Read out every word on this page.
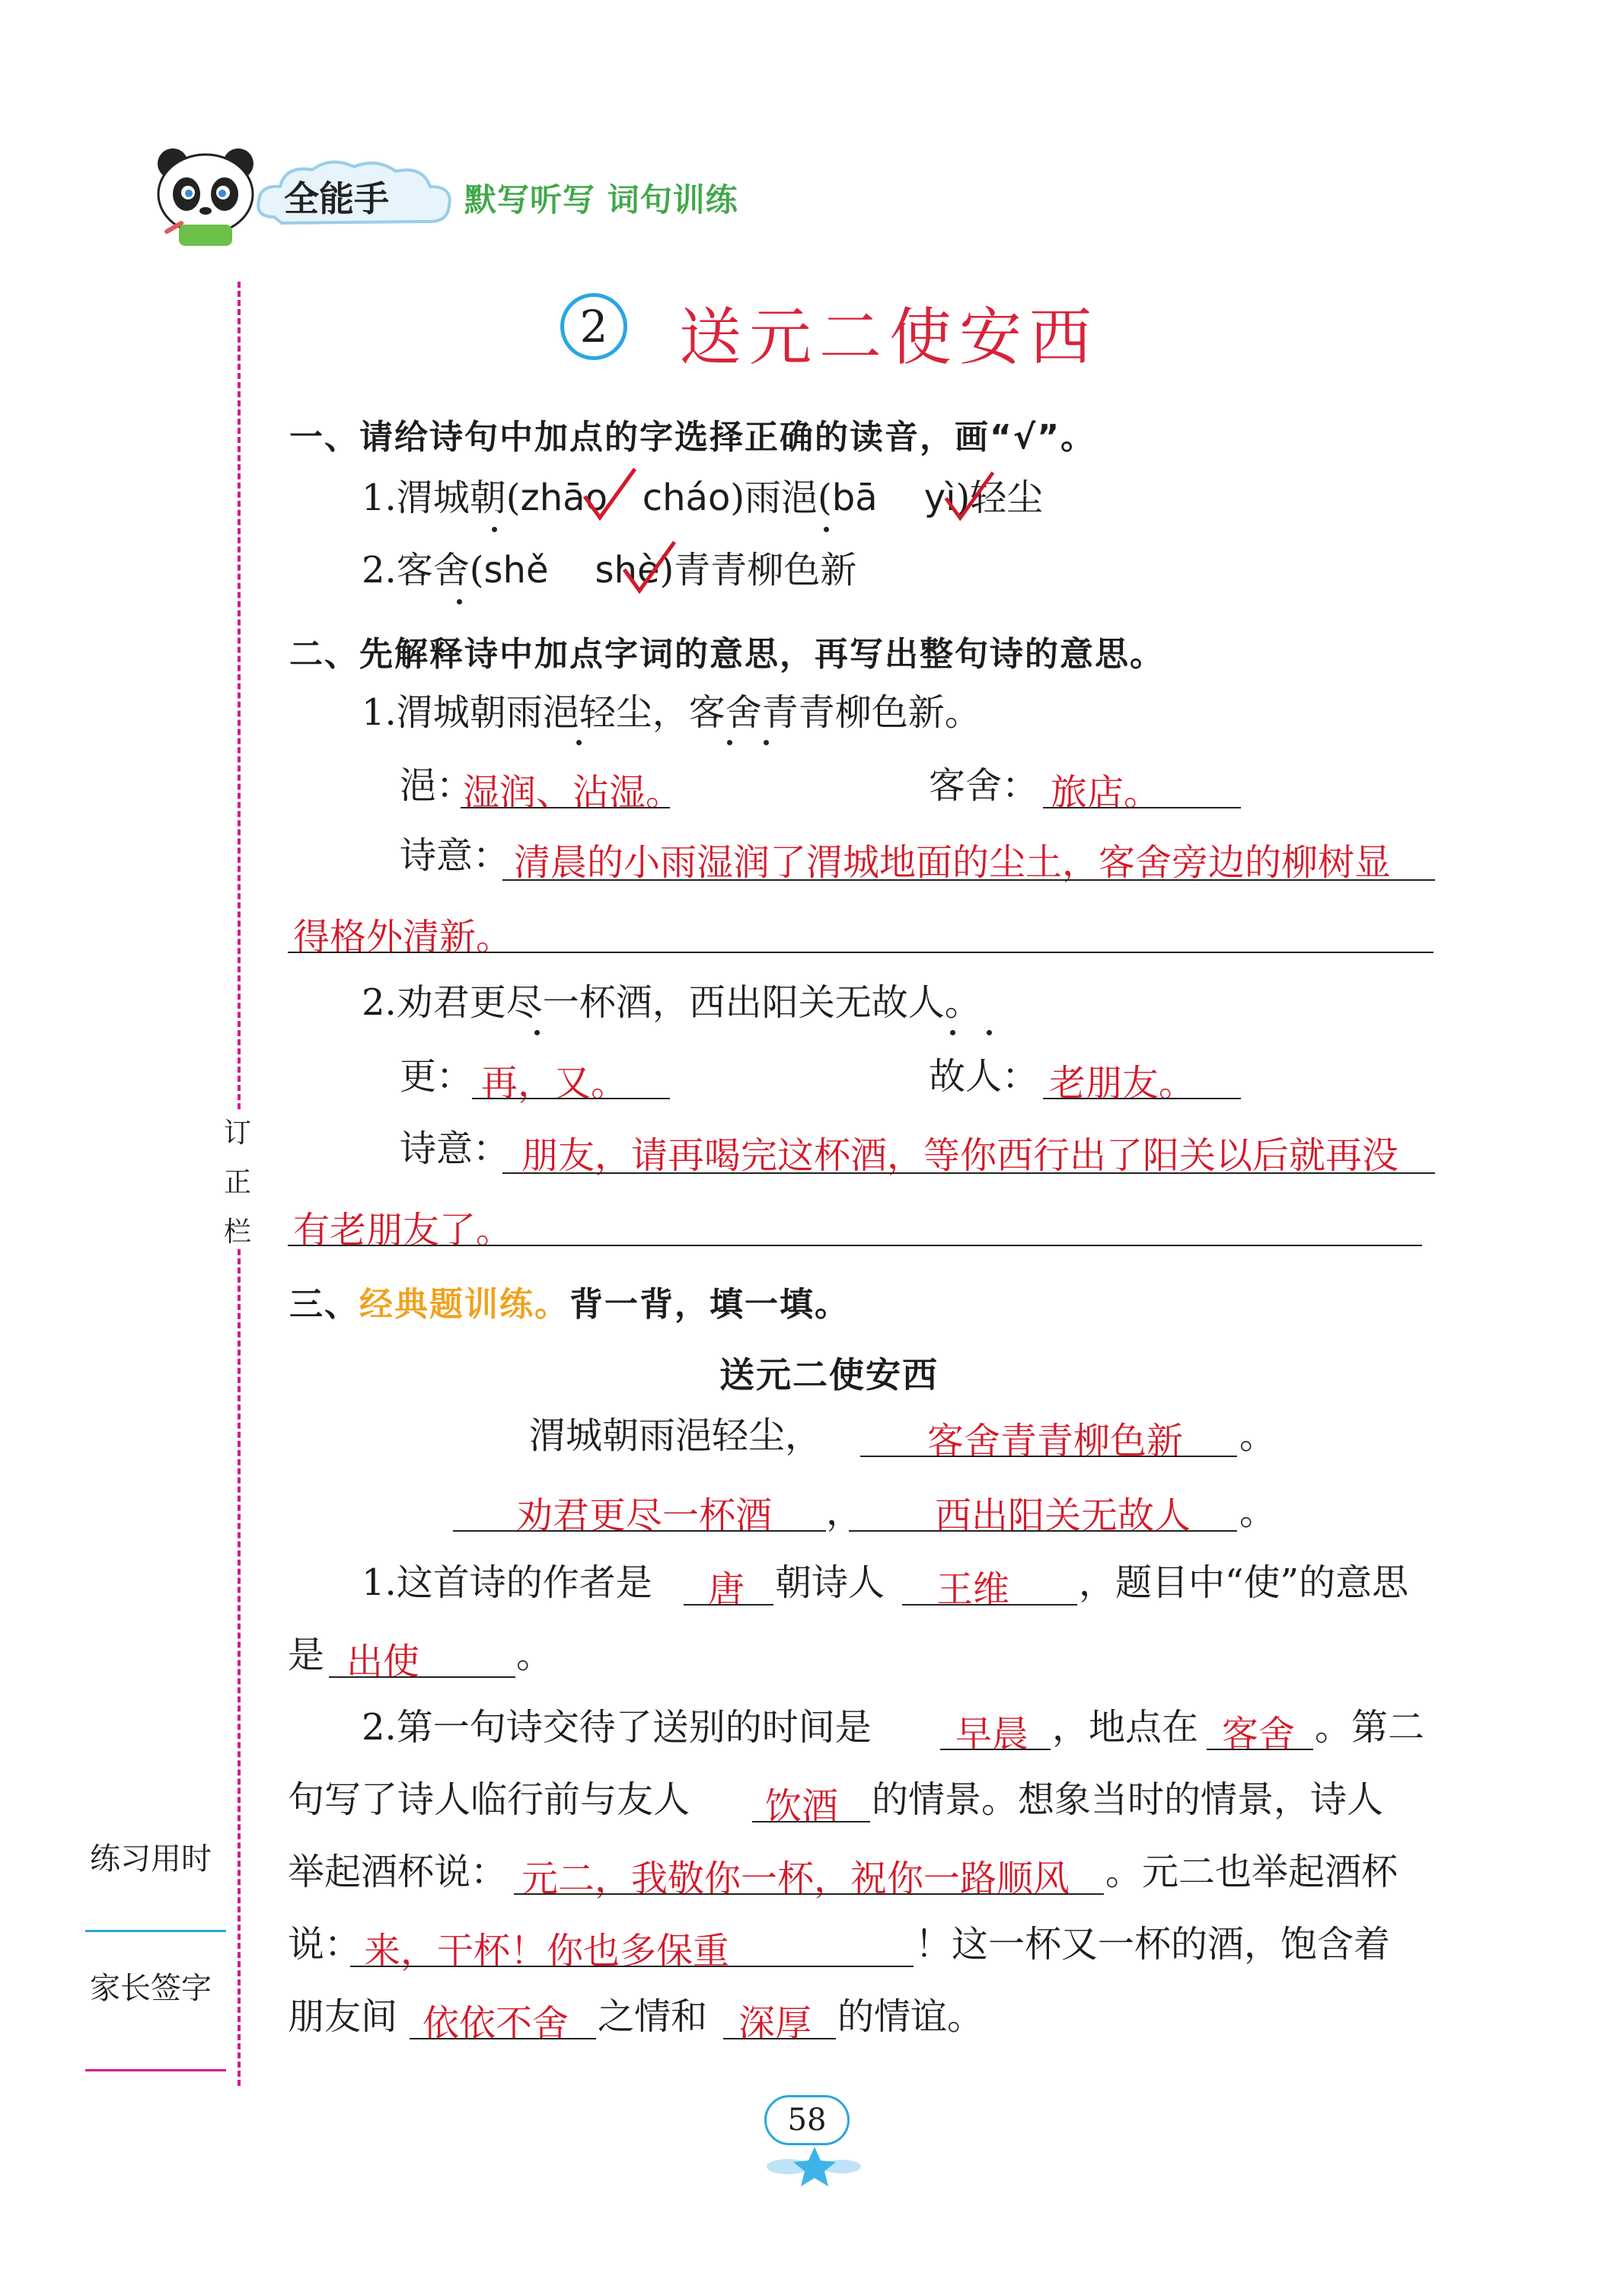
全能手 默写听写 词句训练
订
正
栏
练习用时
家长签字
2	送元二使安西
一、请给诗句中加点的字选择正确的读音，画“√”。
1.渭城朝(zhāo cháo)雨浥(bā yì)轻尘
2.客舍(shě shè)青青柳色新
二、先解释诗中加点字词的意思，再写出整句诗的意思。
1.渭城朝雨浥轻尘，客舍青青柳色新。
浥：
湿润、沾湿。	客舍： 旅店。
诗意： 清晨的小雨湿润了渭城地面的尘土，客舍旁边的柳树显
得格外清新。
2.劝君更尽一杯酒，西出阳关无故人。
更： 再，又。	故人： 老朋友。
诗意： 朋友，请再喝完这杯酒，等你西行出了阳关以后就再没
有老朋友了。
三、经典题训练。背一背，填一填。
送元二使安西
渭城朝雨浥轻尘，	客舍青青柳色新 。
劝君更尽一杯酒 ， 西出阳关无故人 。
1.这首诗的作者是 唐 朝诗人 王维 ，题目中“使”的意思
是 出使	。
2.第一句诗交待了送别的时间是 早晨 ，地点在 客舍 。第二
句写了诗人临行前与友人 饮酒 的情景。想象当时的情景，诗人
举起酒杯说： 元二，我敬你一杯，祝你一路顺风 。元二也举起酒杯
说： 来，干杯！你也多保重	！这一杯又一杯的酒，饱含着
朋友间 依依不舍 之情和 深厚 的情谊。
58
